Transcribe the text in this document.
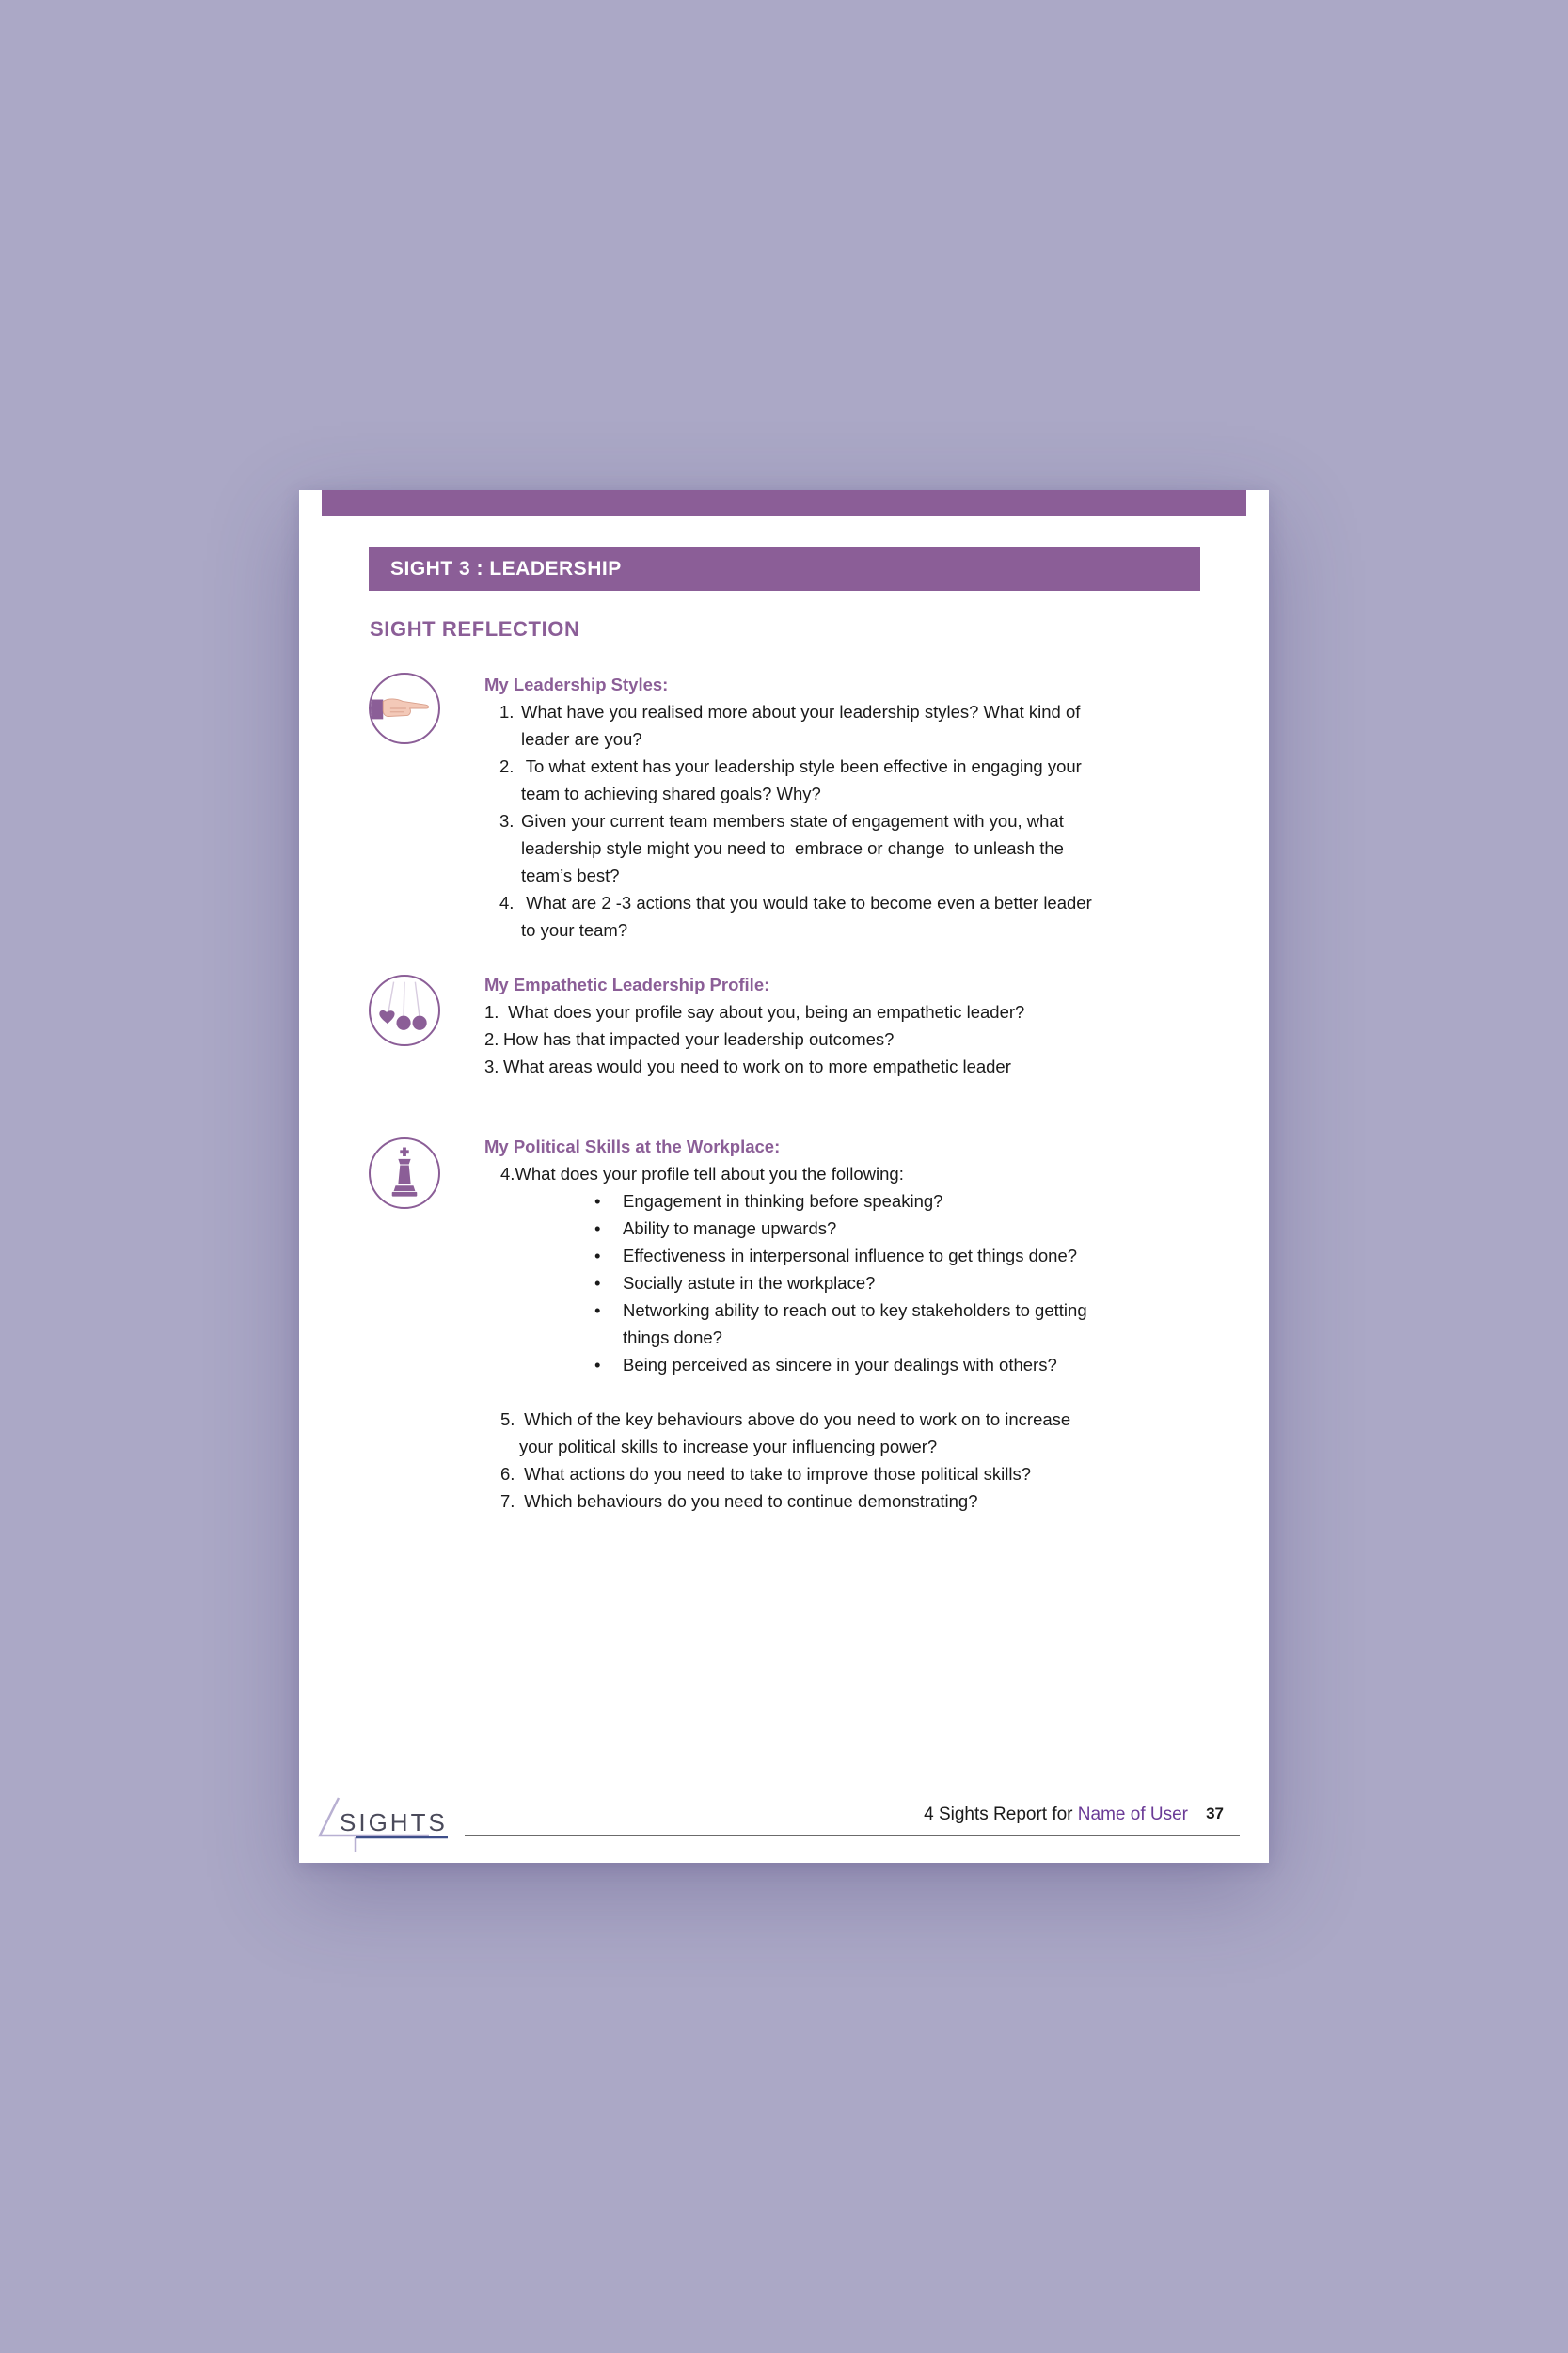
SIGHT 3 : LEADERSHIP
SIGHT REFLECTION
My Leadership Styles:
1. What have you realised more about your leadership styles? What kind of
leader are you?
2. To what extent has your leadership style been effective in engaging your
team to achieving shared goals? Why?
3. Given your current team members state of engagement with you, what
leadership style might you need to  embrace or change  to unleash the
team’s best?
4. What are 2 -3 actions that you would take to become even a better leader
to your team?
My Empathetic Leadership Profile:
1. What does your profile say about you, being an empathetic leader?
2. How has that impacted your leadership outcomes?
3. What areas would you need to work on to more empathetic leader
My Political Skills at the Workplace:
4.What does your profile tell about you the following:
• Engagement in thinking before speaking?
• Ability to manage upwards?
• Effectiveness in interpersonal influence to get things done?
• Socially astute in the workplace?
• Networking ability to reach out to key stakeholders to getting
things done?
• Being perceived as sincere in your dealings with others?
5. Which of the key behaviours above do you need to work on to increase
your political skills to increase your influencing power?
6. What actions do you need to take to improve those political skills?
7. Which behaviours do you need to continue demonstrating?
SIGHTS	4 Sights Report for Name of User 37
